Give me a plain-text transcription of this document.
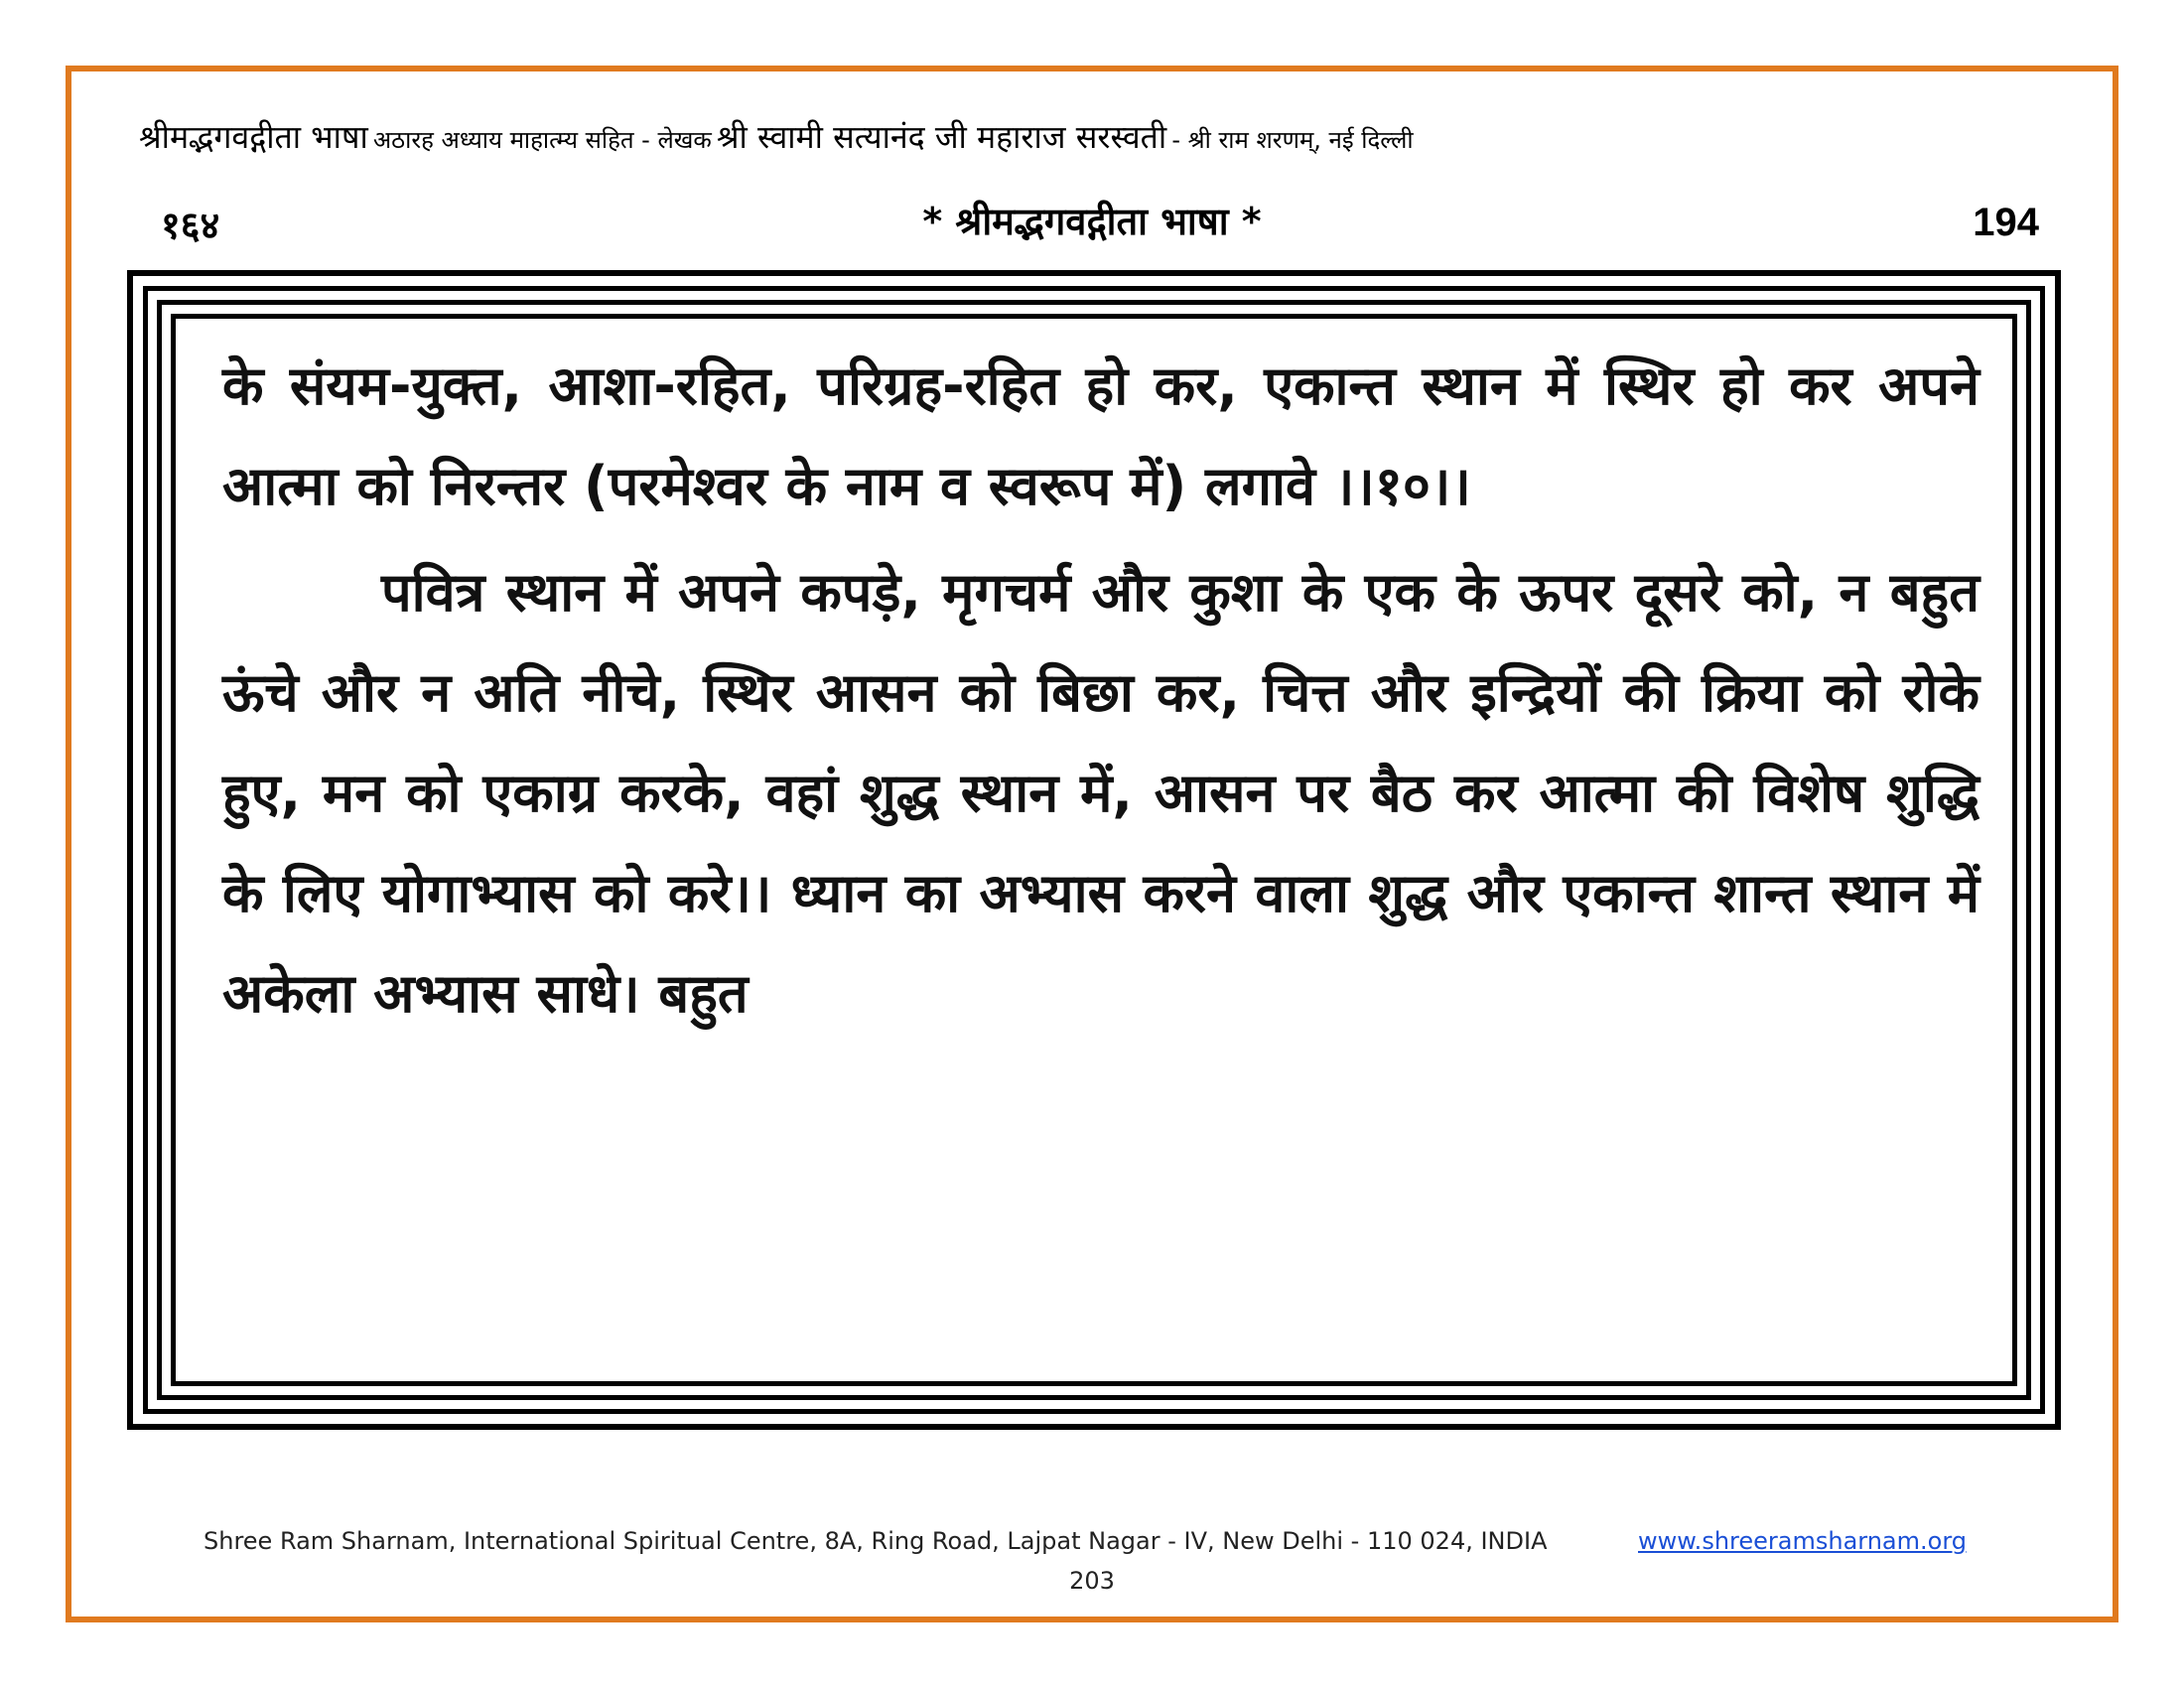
श्रीमद्भगवद्गीता भाषा अठारह अध्याय माहात्म्य सहित - लेखक श्री स्वामी सत्यानंद जी महाराज सरस्वती - श्री राम शरणम्, नई दिल्ली
१६४	* श्रीमद्भगवद्गीता भाषा *	194

के संयम-युक्त, आशा-रहित, परिग्रह-रहित हो कर, एकान्त स्थान में स्थिर हो कर अपने आत्मा को निरन्तर (परमेश्वर के नाम व स्वरूप में) लगावे ।।१०।।

पवित्र स्थान में अपने कपड़े, मृगचर्म और कुशा के एक के ऊपर दूसरे को, न बहुत ऊंचे और न अति नीचे, स्थिर आसन को बिछा कर, चित्त और इन्द्रियों की क्रिया को रोके हुए, मन को एकाग्र करके, वहां शुद्ध स्थान में, आसन पर बैठ कर आत्मा की विशेष शुद्धि के लिए योगाभ्यास को करे।। ध्यान का अभ्यास करने वाला शुद्ध और एकान्त शान्त स्थान में अकेला अभ्यास साधे। बहुत

Shree Ram Sharnam, International Spiritual Centre, 8A, Ring Road, Lajpat Nagar - IV, New Delhi - 110 024, INDIA	www.shreeramsharnam.org
203
